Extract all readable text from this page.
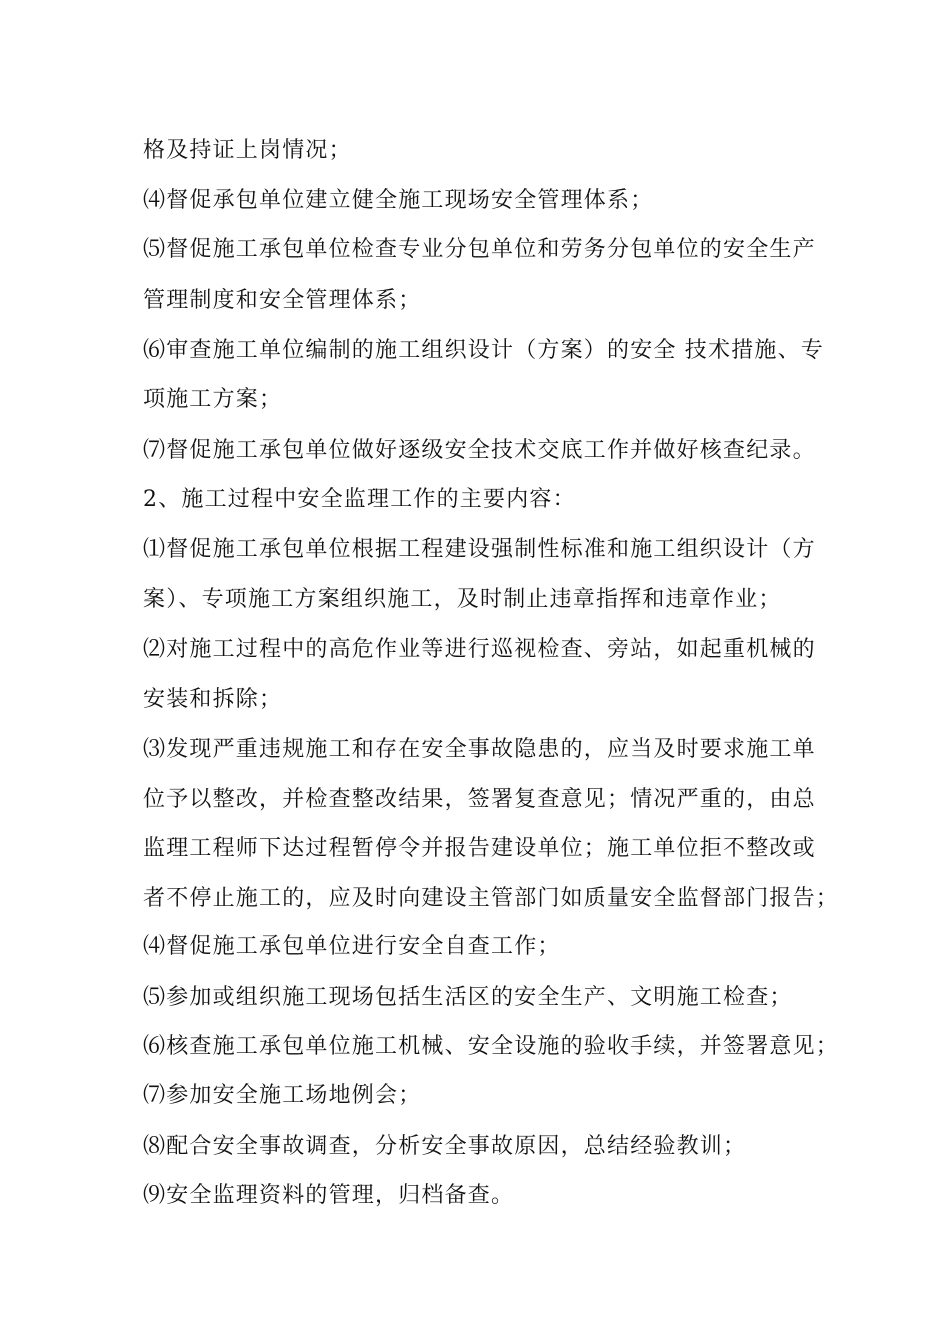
格及持证上岗情况；
⑷督促承包单位建立健全施工现场安全管理体系；
⑸督促施工承包单位检查专业分包单位和劳务分包单位的安全生产
管理制度和安全管理体系；
⑹审查施工单位编制的施工组织设计（方案）的安全 技术措施、专
项施工方案；
⑺督促施工承包单位做好逐级安全技术交底工作并做好核查纪录。
2、施工过程中安全监理工作的主要内容：
⑴督促施工承包单位根据工程建设强制性标准和施工组织设计（方
案）、专项施工方案组织施工，及时制止违章指挥和违章作业；
⑵对施工过程中的高危作业等进行巡视检查、旁站，如起重机械的
安装和拆除；
⑶发现严重违规施工和存在安全事故隐患的，应当及时要求施工单
位予以整改，并检查整改结果，签署复查意见；情况严重的，由总
监理工程师下达过程暂停令并报告建设单位；施工单位拒不整改或
者不停止施工的，应及时向建设主管部门如质量安全监督部门报告；
⑷督促施工承包单位进行安全自查工作；
⑸参加或组织施工现场包括生活区的安全生产、文明施工检查；
⑹核查施工承包单位施工机械、安全设施的验收手续，并签署意见；
⑺参加安全施工场地例会；
⑻配合安全事故调查，分析安全事故原因，总结经验教训；
⑼安全监理资料的管理，归档备查。
